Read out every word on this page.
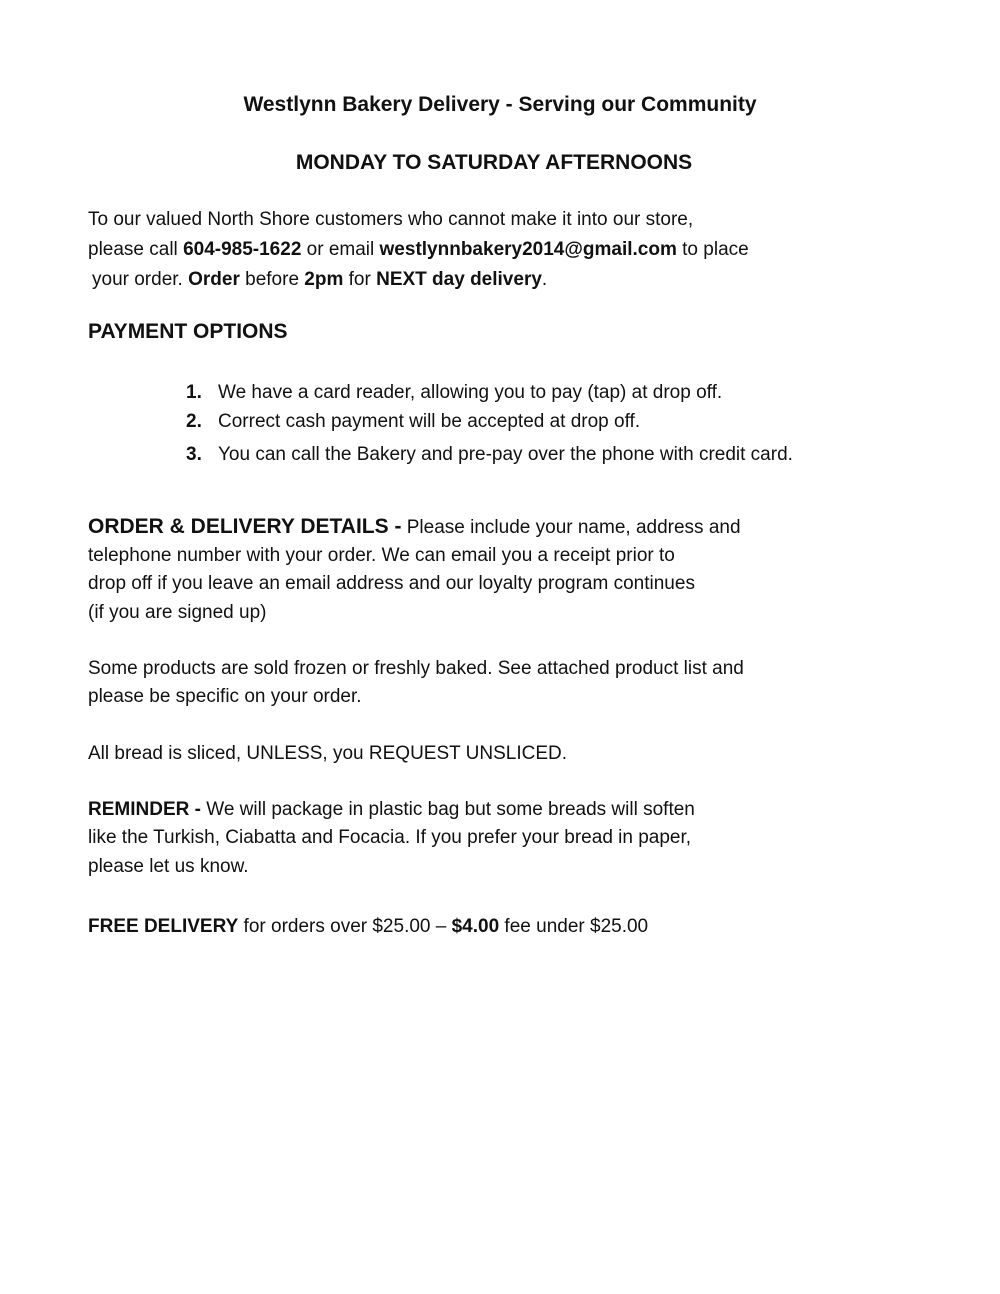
Westlynn Bakery Delivery - Serving our Community

MONDAY TO SATURDAY AFTERNOONS

To our valued North Shore customers who cannot make it into our store,

please call 604-985-1622 or email westlynnbakery2014@gmail.com to place

your order. Order before 2pm for NEXT day delivery.

PAYMENT OPTIONS

1. We have a card reader, allowing you to pay (tap) at drop off.

2. Correct cash payment will be accepted at drop off.

3. You can call the Bakery and pre-pay over the phone with credit card.

ORDER & DELIVERY DETAILS - Please include your name, address and

telephone number with your order. We can email you a receipt prior to

drop off if you leave an email address and our loyalty program continues

(if you are signed up)

Some products are sold frozen or freshly baked. See attached product list and

please be specific on your order.

All bread is sliced, UNLESS, you REQUEST UNSLICED.

REMINDER - We will package in plastic bag but some breads will soften

like the Turkish, Ciabatta and Focacia. If you prefer your bread in paper,

please let us know.

FREE DELIVERY for orders over $25.00 – $4.00 fee under $25.00
